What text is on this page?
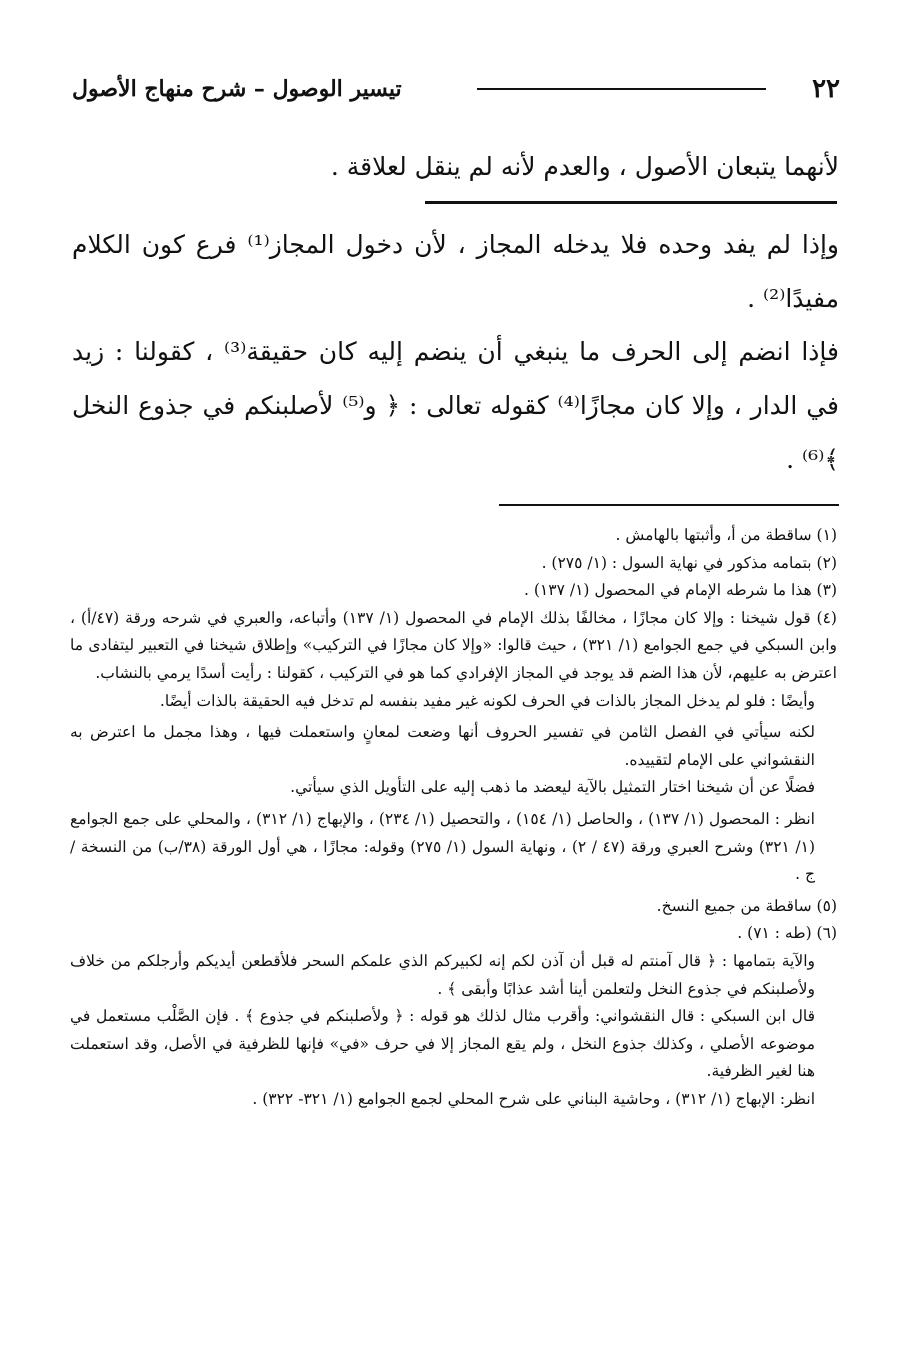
٢٢
تيسير الوصول – شرح منهاج الأصول
لأنهما يتبعان الأصول ، والعدم لأنه لم ينقل لعلاقة .
وإذا لم يفد وحده فلا يدخله المجاز ، لأن دخول المجاز⁽¹⁾ فرع كون الكلام مفيدًا⁽²⁾ .
فإذا انضم إلى الحرف ما ينبغي أن ينضم إليه كان حقيقة⁽³⁾ ، كقولنا : زيد في الدار ، وإلا كان مجازًا⁽⁴⁾ كقوله تعالى : ﴿ و⁽⁵⁾ لأصلبنكم في جذوع النخل ﴾⁽⁶⁾ .

(١) ساقطة من أ، وأثبتها بالهامش .

(٢) بتمامه مذكور في نهاية السول : (١/ ٢٧٥) .

(٣) هذا ما شرطه الإمام في المحصول (١/ ١٣٧) .

(٤) قول شيخنا : وإلا كان مجازًا ، مخالفًا بذلك الإمام في المحصول (١/ ١٣٧) وأتباعه، والعبري في شرحه ورقة (٤٧/أ) ، وابن السبكي في جمع الجوامع (١/ ٣٢١) ، حيث قالوا: «وإلا كان مجازًا في التركيب» وإطلاق شيخنا في التعبير ليتفادى ما اعترض به عليهم، لأن هذا الضم قد يوجد في المجاز الإفرادي كما هو في التركيب ، كقولنا : رأيت أسدًا يرمي بالنشاب.

وأيضًا : فلو لم يدخل المجاز بالذات في الحرف لكونه غير مفيد بنفسه لم تدخل فيه الحقيقة بالذات أيضًا.

لكنه سيأتي في الفصل الثامن في تفسير الحروف أنها وضعت لمعانٍ واستعملت فيها ، وهذا مجمل ما اعترض به النقشواني على الإمام لتقييده.

فضلًا عن أن شيخنا اختار التمثيل بالآية ليعضد ما ذهب إليه على التأويل الذي سيأتي.

انظر : المحصول (١/ ١٣٧) ، والحاصل (١/ ١٥٤) ، والتحصيل (١/ ٢٣٤) ، والإبهاج (١/ ٣١٢) ، والمحلي على جمع الجوامع (١/ ٣٢١) وشرح العبري ورقة (٤٧ / ٢) ، ونهاية السول (١/ ٢٧٥) وقوله: مجازًا ، هي أول الورقة (٣٨/ب) من النسخة / ج .

(٥) ساقطة من جميع النسخ.

(٦) (طه : ٧١) .

والآية بتمامها : ﴿ قال آمنتم له قبل أن آذن لكم إنه لكبيركم الذي علمكم السحر فلأقطعن أيديكم وأرجلكم من خلاف ولأصلبنكم في جذوع النخل ولتعلمن أينا أشد عذابًا وأبقى ﴾ .

قال ابن السبكي : قال النقشواني: وأقرب مثال لذلك هو قوله : ﴿ ولأصلبنكم في جذوع ﴾ . فإن الصَّلْب مستعمل في موضوعه الأصلي ، وكذلك جذوع النخل ، ولم يقع المجاز إلا في حرف «في» فإنها للظرفية في الأصل، وقد استعملت هنا لغير الظرفية.

انظر: الإبهاج (١/ ٣١٢) ، وحاشية البناني على شرح المحلي لجمع الجوامع (١/ ٣٢١- ٣٢٢) .
